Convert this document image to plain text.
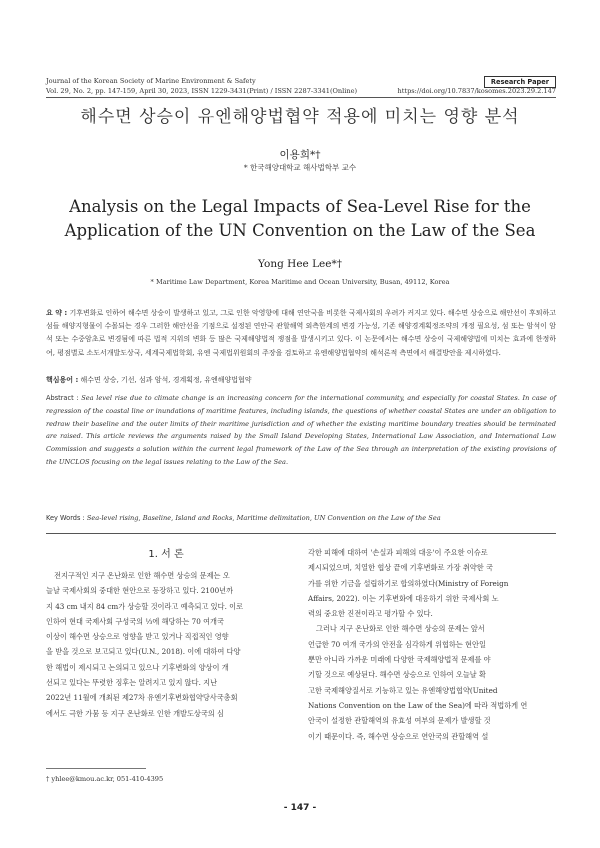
Journal of the Korean Society of Marine Environment & Safety
Vol. 29, No. 2, pp. 147-159, April 30, 2023, ISSN 1229-3431(Print) / ISSN 2287-3341(Online)	https://doi.org/10.7837/kosomes.2023.29.2.147
Research Paper
해수면 상승이 유엔해양법협약 적용에 미치는 영향 분석
이용희*†
* 한국해양대학교 해사법학부 교수
Analysis on the Legal Impacts of Sea-Level Rise for the Application of the UN Convention on the Law of the Sea
Yong Hee Lee*†
* Maritime Law Department, Korea Maritime and Ocean University, Busan, 49112, Korea
요 약 : 기후변화로 인하여 해수면 상승이 발생하고 있고, 그로 인한 악영향에 대해 연안국을 비롯한 국제사회의 우려가 커지고 있다. 해수면 상승으로 해안선이 후퇴하고 섬들 해양지형물이 수몰되는 경우 그러한 해안선을 기점으로 설정된 연안국 관할해역 외측한계의 변경 가능성, 기존 해양경계획정조약의 개정 필요성, 섬 또는 암석이 암석 또는 수중암초로 변경됨에 따른 법적 지위의 변화 등 많은 국제해양법적 쟁점을 발생시키고 있다. 이 논문에서는 해수면 상승이 국제해양법에 미치는 효과에 한정하여, 평점별로 소도서개발도상국, 세계국제법학회, 유엔 국제법위원회의 주장을 검토하고 유엔해양법협약의 해석론적 측면에서 해결방안을 제시하였다.
핵심용어 : 해수면 상승, 기선, 섬과 암석, 경계획정, 유엔해양법협약
Abstract : Sea level rise due to climate change is an increasing concern for the international community, and especially for coastal States. In case of regression of the coastal line or inundations of maritime features, including islands, the questions of whether coastal States are under an obligation to redraw their baseline and the outer limits of their maritime jurisdiction and of whether the existing maritime boundary treaties should be terminated are raised. This article reviews the arguments raised by the Small Island Developing States, International Law Association, and International Law Commission and suggests a solution within the current legal framework of the Law of the Sea through an interpretation of the existing provisions of the UNCLOS focusing on the legal issues relating to the Law of the Sea.
Key Words : Sea-level rising, Baseline, Island and Rocks, Maritime delimitation, UN Convention on the Law of the Sea
1. 서 론
전지구적인 지구 온난화로 인한 해수면 상승의 문제는 오
늘날 국제사회의 중대한 현안으로 등장하고 있다. 2100년까
지 43 cm 내지 84 cm가 상승할 것이라고 예측되고 있다. 이로
인하여 현대 국제사회 구성국의 ⅓에 해당하는 70 여개국
이상이 해수면 상승으로 영향을 받고 있거나 직접적인 영향
을 받을 것으로 보고되고 있다(U.N., 2018). 이에 대하여 다양
한 해법이 제시되고 논의되고 있으나 기후변화의 양상이 개
선되고 있다는 뚜렷한 징후는 알려지고 있지 않다. 지난
2022년 11월에 개최된 제27차 유엔기후변화협약당사국총회
에서도 극한 가뭄 등 지구 온난화로 인한 개발도상국의 심
각한 피해에 대하여 '손실과 피해의 대응'이 주요한 이슈로
제시되었으며, 치열한 협상 끝에 기후변화로 가장 취약한 국
가를 위한 기금을 설립하기로 합의하였다(Ministry of Foreign
Affairs, 2022). 이는 기후변화에 대응하기 위한 국제사회 노
력의 중요한 진전이라고 평가할 수 있다.
그러나 지구 온난화로 인한 해수면 상승의 문제는 앞서
언급한 70 여개 국가의 안전을 심각하게 위협하는 현안일
뿐만 아니라 가까운 미래에 다양한 국제해양법적 문제를 야
기할 것으로 예상된다. 해수면 상승으로 인하여 오늘날 확
고한 국제해양질서로 기능하고 있는 유엔해양법협약(United
Nations Convention on the Law of the Sea)에 따라 적법하게 연
안국이 설정한 관할해역의 유효성 여부의 문제가 발생할 것
이기 때문이다. 즉, 해수면 상승으로 연안국의 관할해역 설
† yhlee@kmou.ac.kr, 051-410-4395
- 147 -
